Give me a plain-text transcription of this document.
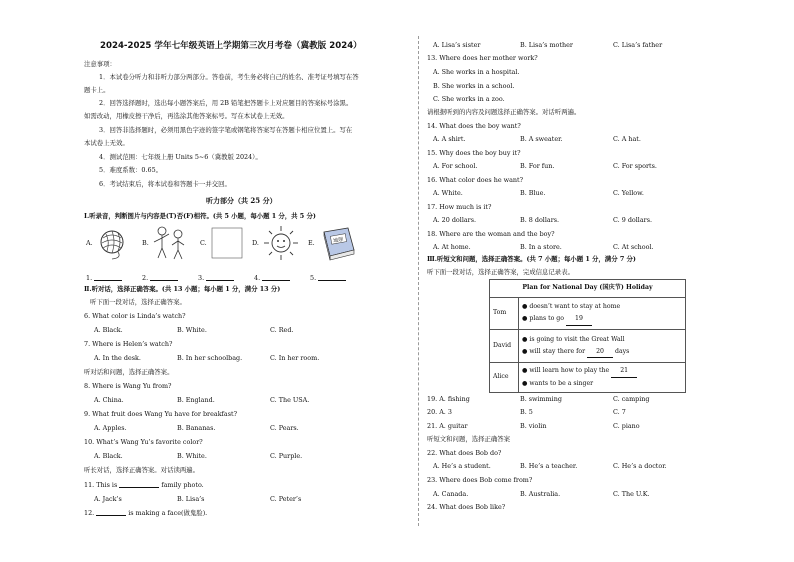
2024-2025 学年七年级英语上学期第三次月考卷（冀教版 2024）
注意事项：
1．本试卷分听力和非听力部分两部分。答卷前，考生务必将自己的姓名、准考证号填写在答
题卡上。
2．回答选择题时，选出每小题答案后，用 2B 铅笔把答题卡上对应题目的答案标号涂黑。
如需改动，用橡皮擦干净后，再选涂其他答案标号。写在本试卷上无效。
3．回答非选择题时，必须用黑色字迹的签字笔或钢笔将答案写在答题卡相应位置上。写在
本试卷上无效。
4．测试范围：七年级上册 Units 5~6（冀教版 2024）。
5．难度系数：0.65。
6．考试结束后，将本试卷和答题卡一并交回。
听力部分（共 25 分）
Ⅰ.听录音，判断图片与内容是(T)否(F)相符。(共 5 小题，每小题 1 分，共 5 分)
A.	B.	C.	D.	E.	地理
1.	2.	3.	4.	5.
Ⅱ.听对话，选择正确答案。(共 13 小题；每小题 1 分，满分 13 分)
听下面一段对话，选择正确答案。
6. What color is Linda’s watch?
A. Black.	B. White.	C. Red.
7. Where is Helen’s watch?
A. In the desk.	B. In her schoolbag.	C. In her room.
听对话和问题，选择正确答案。
8. Where is Wang Yu from?
A. China.	B. England.	C. The USA.
9. What fruit does Wang Yu have for breakfast?
A. Apples.	B. Bananas.	C. Pears.
10. What’s Wang Yu’s favorite color?
A. Black.	B. White.	C. Purple.
听长对话，选择正确答案。对话读两遍。
11. This is	family photo.
A. Jack’s	B. Lisa’s	C. Peter’s
12.	is making a face(做鬼脸).
A. Lisa’s sister	B. Lisa’s mother	C. Lisa’s father
13. Where does her mother work?
A. She works in a hospital.
B. She works in a school.
C. She works in a zoo.
请根据听到的内容及问题选择正确答案。对话听两遍。
14. What does the boy want?
A. A shirt.	B. A sweater.	C. A hat.
15. Why does the boy buy it?
A. For school.	B. For fun.	C. For sports.
16. What color does he want?
A. White.	B. Blue.	C. Yellow.
17. How much is it?
A. 20 dollars.	B. 8 dollars.	C. 9 dollars.
18. Where are the woman and the boy?
A. At home.	B. In a store.	C. At school.
Ⅲ.听短文和问题，选择正确答案。(共 7 小题；每小题 1 分，满分 7 分)
听下面一段对话，选择正确答案，完成信息记录表。
Plan for National Day (国庆节) Holiday	
Tom	● doesn’t want to stay at home
● plans to go 19

David	● is going to visit the Great Wall
● will stay there for 20 days

Alice	● will learn how to play the 21
● wants to be a singer
19. A. fishing	B. swimming	C. camping
20. A. 3	B. 5	C. 7
21. A. guitar	B. violin	C. piano
听短文和问题，选择正确答案
22. What does Bob do?
A. He’s a student.	B. He’s a teacher.	C. He’s a doctor.
23. Where does Bob come from?
A. Canada.	B. Australia.	C. The U.K.
24. What does Bob like?
